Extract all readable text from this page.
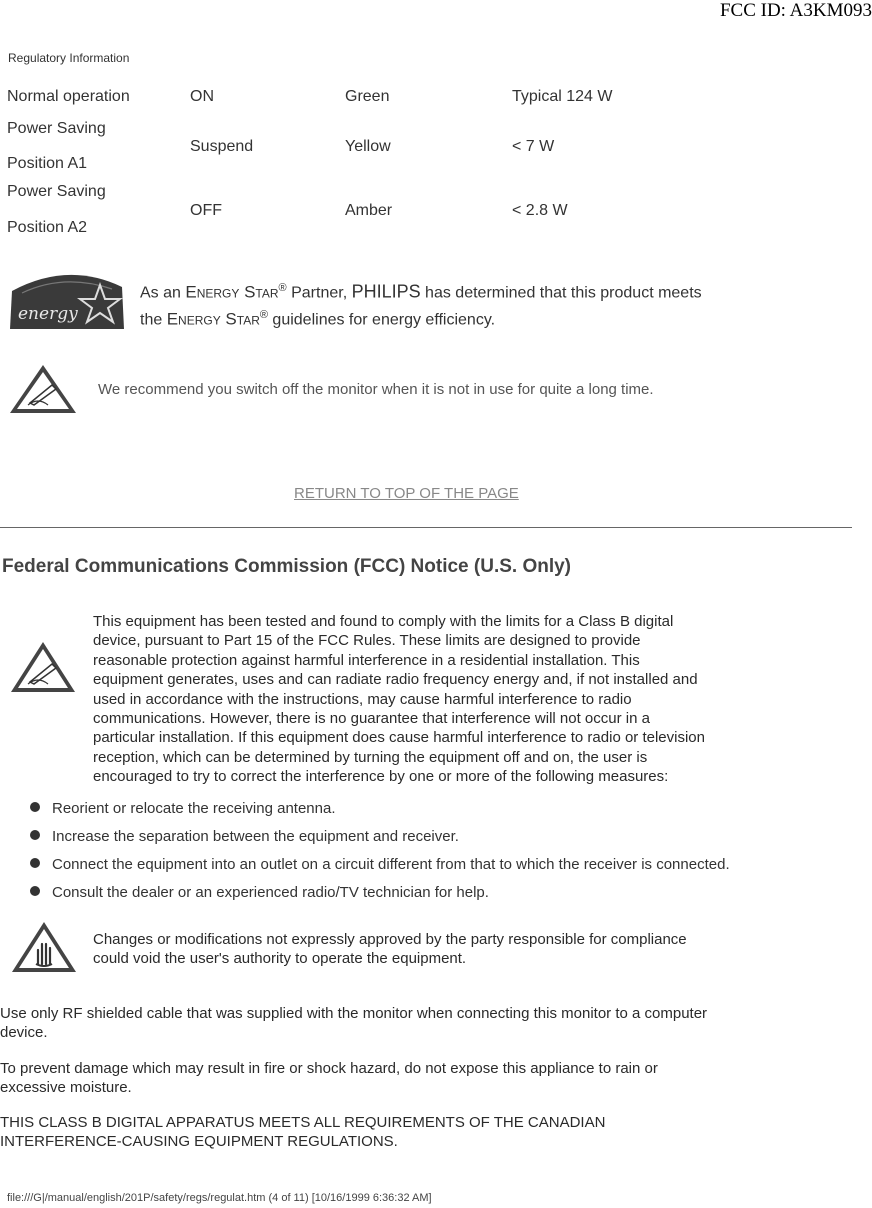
FCC ID: A3KM093
Regulatory Information
Normal operation	ON	Green	Typical 124 W
Power Saving
Position A1
Suspend	Yellow	< 7 W
Power Saving
Position A2
OFF	Amber	< 2.8 W
energy
As an Energy Star® Partner, PHILIPS has determined that this product meets
the Energy Star® guidelines for energy efficiency.
We recommend you switch off the monitor when it is not in use for quite a long time.
RETURN TO TOP OF THE PAGE
Federal Communications Commission (FCC) Notice (U.S. Only)
This equipment has been tested and found to comply with the limits for a Class B digital
device, pursuant to Part 15 of the FCC Rules. These limits are designed to provide
reasonable protection against harmful interference in a residential installation. This
equipment generates, uses and can radiate radio frequency energy and, if not installed and
used in accordance with the instructions, may cause harmful interference to radio
communications. However, there is no guarantee that interference will not occur in a
particular installation. If this equipment does cause harmful interference to radio or television
reception, which can be determined by turning the equipment off and on, the user is
encouraged to try to correct the interference by one or more of the following measures:
Reorient or relocate the receiving antenna.
Increase the separation between the equipment and receiver.
Connect the equipment into an outlet on a circuit different from that to which the receiver is connected.
Consult the dealer or an experienced radio/TV technician for help.
Changes or modifications not expressly approved by the party responsible for compliance
could void the user's authority to operate the equipment.
Use only RF shielded cable that was supplied with the monitor when connecting this monitor to a computer
device.
To prevent damage which may result in fire or shock hazard, do not expose this appliance to rain or
excessive moisture.
THIS CLASS B DIGITAL APPARATUS MEETS ALL REQUIREMENTS OF THE CANADIAN
INTERFERENCE-CAUSING EQUIPMENT REGULATIONS.
file:///G|/manual/english/201P/safety/regs/regulat.htm (4 of 11) [10/16/1999 6:36:32 AM]
